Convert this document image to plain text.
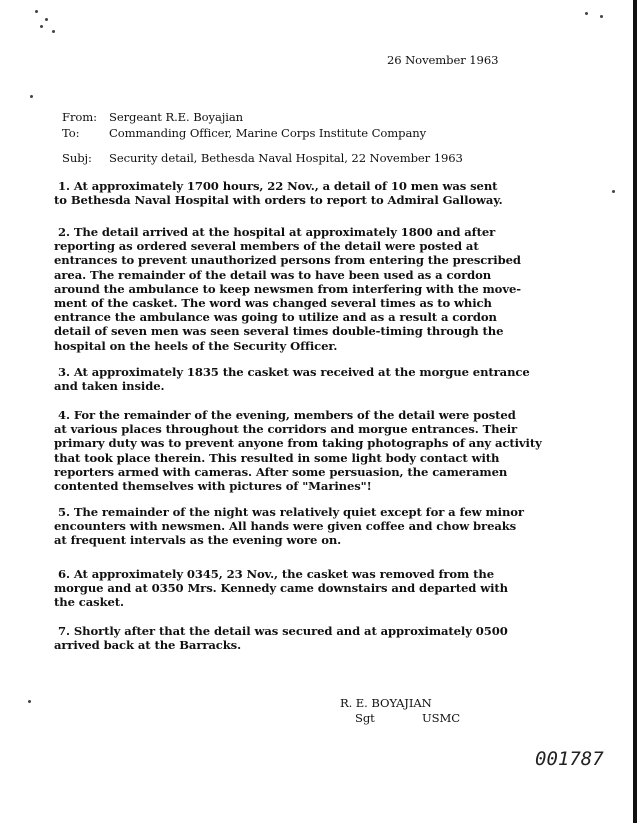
26 November 1963
From: Sergeant R.E. Boyajian
To:	Commanding Officer, Marine Corps Institute Company
Subj: Security detail, Bethesda Naval Hospital, 22 November 1963
1. At approximately 1700 hours, 22 Nov., a detail of 10 men was sent
to Bethesda Naval Hospital with orders to report to Admiral Galloway.
2. The detail arrived at the hospital at approximately 1800 and after
reporting as ordered several members of the detail were posted at
entrances to prevent unauthorized persons from entering the prescribed
area. The remainder of the detail was to have been used as a cordon
around the ambulance to keep newsmen from interfering with the move-
ment of the casket. The word was changed several times as to which
entrance the ambulance was going to utilize and as a result a cordon
detail of seven men was seen several times double-timing through the
hospital on the heels of the Security Officer.
3. At approximately 1835 the casket was received at the morgue entrance
and taken inside.
4. For the remainder of the evening, members of the detail were posted
at various places throughout the corridors and morgue entrances. Their
primary duty was to prevent anyone from taking photographs of any activity
that took place therein. This resulted in some light body contact with
reporters armed with cameras. After some persuasion, the cameramen
contented themselves with pictures of "Marines"!
5. The remainder of the night was relatively quiet except for a few minor
encounters with newsmen. All hands were given coffee and chow breaks
at frequent intervals as the evening wore on.
6. At approximately 0345, 23 Nov., the casket was removed from the
morgue and at 0350 Mrs. Kennedy came downstairs and departed with
the casket.
7. Shortly after that the detail was secured and at approximately 0500
arrived back at the Barracks.
R. E. BOYAJIAN
Sgt	USMC
001787
